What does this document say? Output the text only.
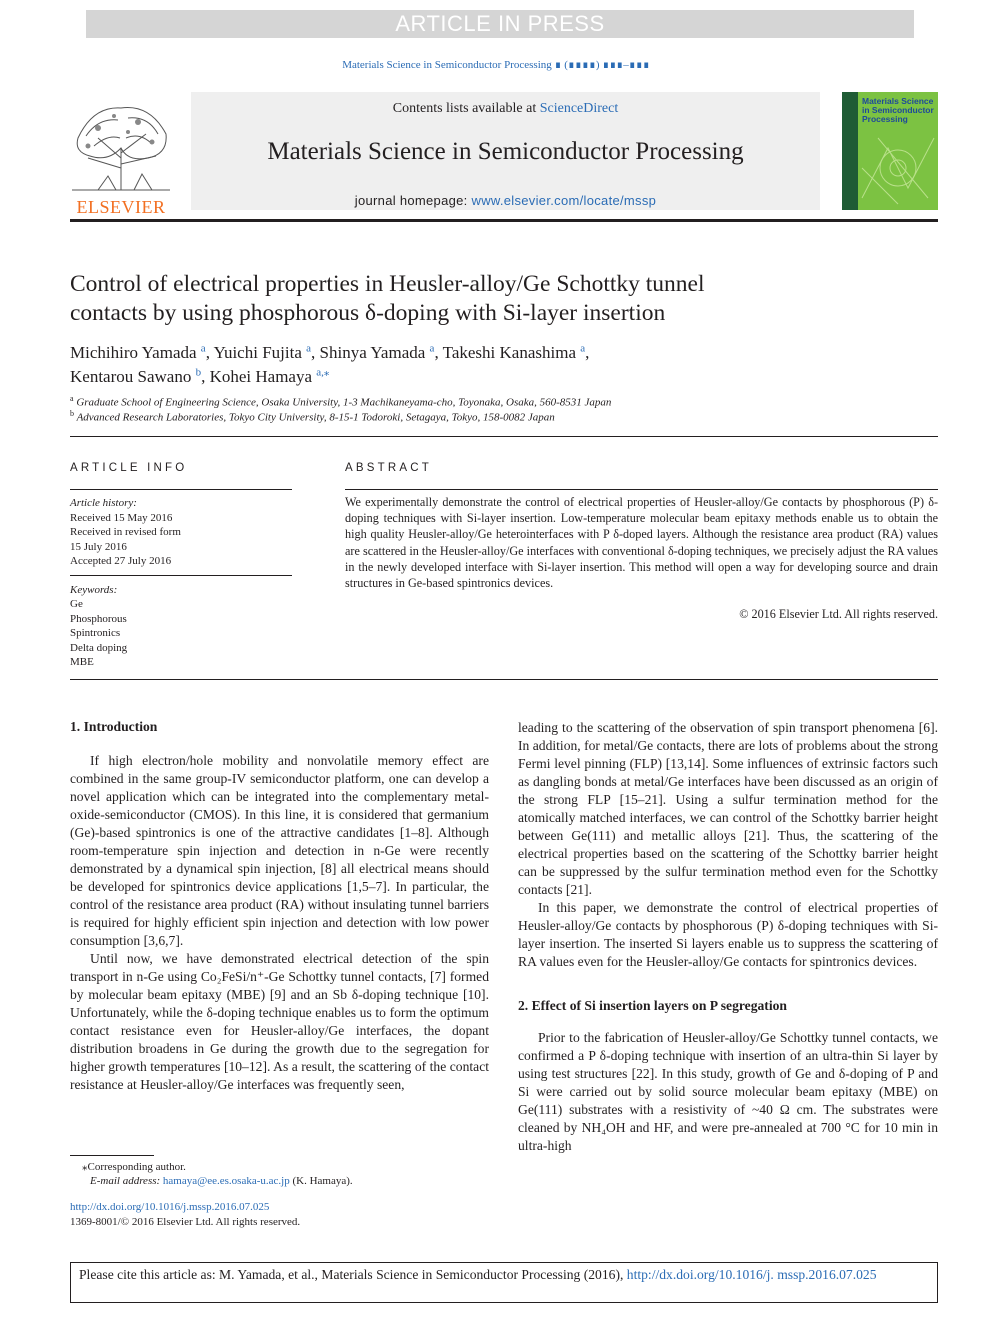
ARTICLE IN PRESS
Materials Science in Semiconductor Processing ∎ (∎∎∎∎) ∎∎∎–∎∎∎
ELSEVIER
Contents lists available at ScienceDirect
Materials Science in Semiconductor Processing
journal homepage: www.elsevier.com/locate/mssp
Materials Science in Semiconductor Processing
Control of electrical properties in Heusler-alloy/Ge Schottky tunnel
contacts by using phosphorous δ-doping with Si-layer insertion
Michihiro Yamada $^a$, Yuichi Fujita $^a$, Shinya Yamada $^a$, Takeshi Kanashima $^a$,
Kentarou Sawano $^b$, Kohei Hamaya $^{a,⁎}$
$^a$ Graduate School of Engineering Science, Osaka University, 1-3 Machikaneyama-cho, Toyonaka, Osaka, 560-8531 Japan
$^b$ Advanced Research Laboratories, Tokyo City University, 8-15-1 Todoroki, Setagaya, Tokyo, 158-0082 Japan
ARTICLE INFO
Article history:
Received 15 May 2016
Received in revised form
15 July 2016
Accepted 27 July 2016
Keywords:
Ge
Phosphorous
Spintronics
Delta doping
MBE
ABSTRACT
We experimentally demonstrate the control of electrical properties of Heusler-alloy/Ge contacts by phosphorous (P) δ-doping techniques with Si-layer insertion. Low-temperature molecular beam epitaxy methods enable us to obtain the high quality Heusler-alloy/Ge heterointerfaces with P δ-doped layers. Although the resistance area product (RA) values are scattered in the Heusler-alloy/Ge interfaces with conventional δ-doping techniques, we precisely adjust the RA values in the newly developed interface with Si-layer insertion. This method will open a way for developing source and drain structures in Ge-based spintronics devices.
© 2016 Elsevier Ltd. All rights reserved.
1. Introduction

If high electron/hole mobility and nonvolatile memory effect are combined in the same group-IV semiconductor platform, one can develop a novel application which can be integrated into the complementary metal-oxide-semiconductor (CMOS). In this line, it is considered that germanium (Ge)-based spintronics is one of the attractive candidates [1–8]. Although room-temperature spin injection and detection in n-Ge were recently demonstrated by a dynamical spin injection, [8] all electrical means should be developed for spintronics device applications [1,5–7]. In particular, the control of the resistance area product (RA) without insulating tunnel barriers is required for highly efficient spin injection and detection with low power consumption [3,6,7].

Until now, we have demonstrated electrical detection of the spin transport in n-Ge using Co₂FeSi/n⁺-Ge Schottky tunnel contacts, [7] formed by molecular beam epitaxy (MBE) [9] and an Sb δ-doping technique [10]. Unfortunately, while the δ-doping technique enables us to form the optimum contact resistance even for Heusler-alloy/Ge interfaces, the dopant distribution broadens in Ge during the growth due to the segregation for higher growth temperatures [10–12]. As a result, the scattering of the contact resistance at Heusler-alloy/Ge interfaces was frequently seen,

leading to the scattering of the observation of spin transport phenomena [6]. In addition, for metal/Ge contacts, there are lots of problems about the strong Fermi level pinning (FLP) [13,14]. Some influences of extrinsic factors such as dangling bonds at metal/Ge interfaces have been discussed as an origin of the strong FLP [15–21]. Using a sulfur termination method for the atomically matched interfaces, we can control of the Schottky barrier height between Ge(111) and metallic alloys [21]. Thus, the scattering of the electrical properties based on the scattering of the Schottky barrier height can be suppressed by the sulfur termination method even for the Schottky contacts [21].

In this paper, we demonstrate the control of electrical properties of Heusler-alloy/Ge contacts by phosphorous (P) δ-doping techniques with Si-layer insertion. The inserted Si layers enable us to suppress the scattering of RA values even for the Heusler-alloy/Ge contacts for spintronics devices.

2. Effect of Si insertion layers on P segregation

Prior to the fabrication of Heusler-alloy/Ge Schottky tunnel contacts, we confirmed a P δ-doping technique with insertion of an ultra-thin Si layer by using test structures [22]. In this study, growth of Ge and δ-doping of P and Si were carried out by solid source molecular beam epitaxy (MBE) on Ge(111) substrates with a resistivity of ~40 Ω cm. The substrates were cleaned by NH₄OH and HF, and were pre-annealed at 700 °C for 10 min in ultra-high

⁎Corresponding author.
E-mail address: hamaya@ee.es.osaka-u.ac.jp (K. Hamaya).
http://dx.doi.org/10.1016/j.mssp.2016.07.025
1369-8001/© 2016 Elsevier Ltd. All rights reserved.
Please cite this article as: M. Yamada, et al., Materials Science in Semiconductor Processing (2016), http://dx.doi.org/10.1016/j. mssp.2016.07.025
